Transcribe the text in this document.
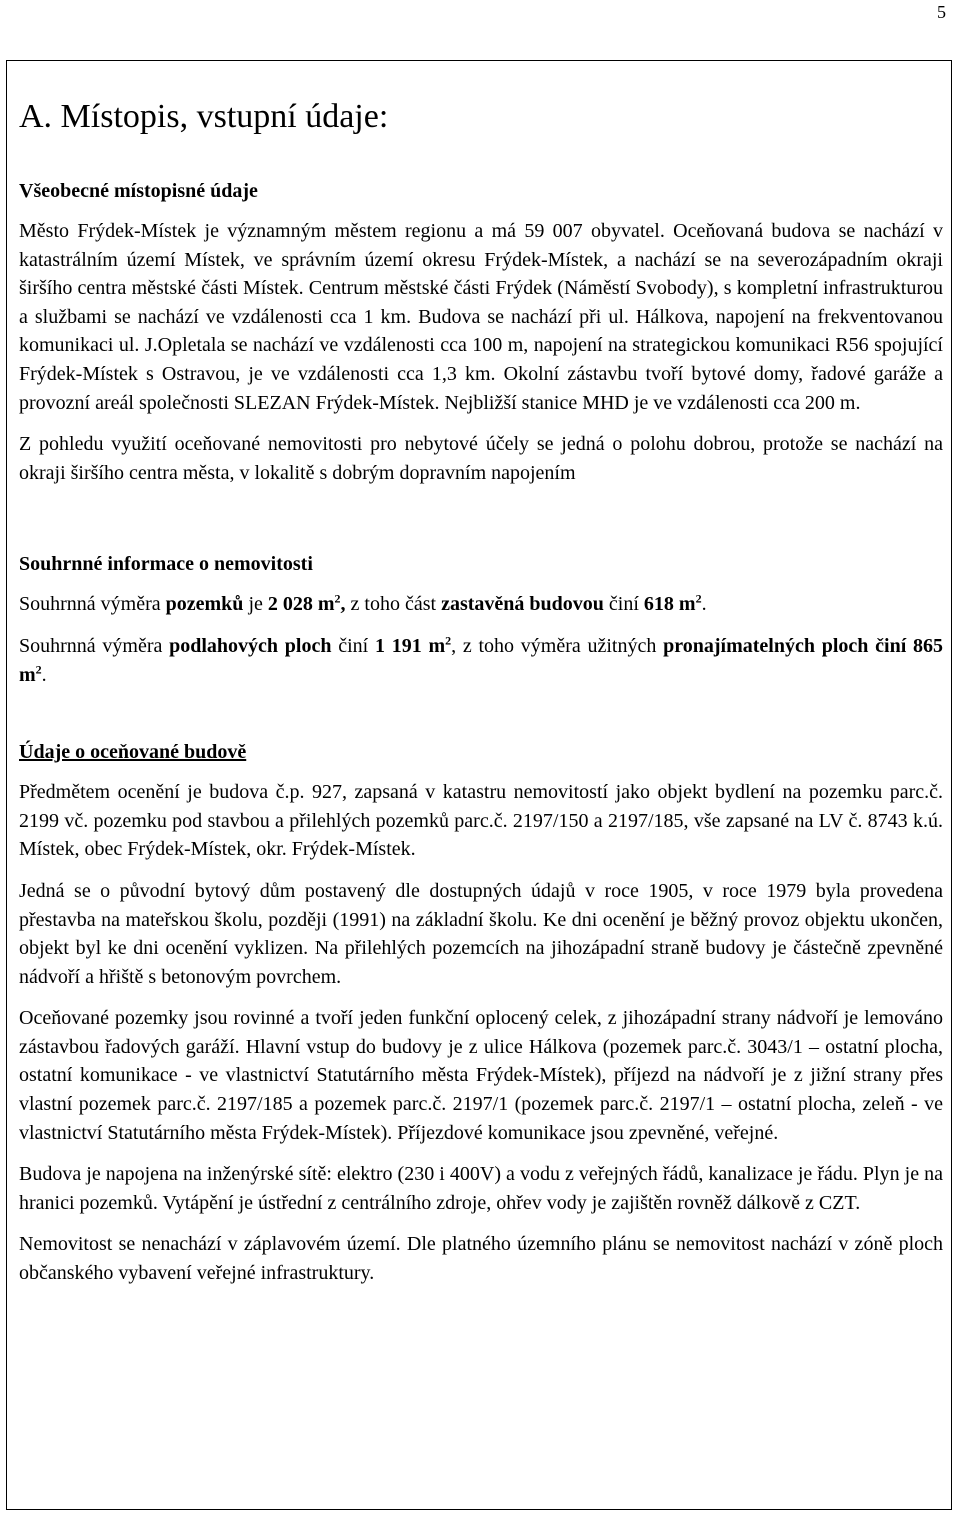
5
A. Místopis, vstupní údaje:
Všeobecné místopisné údaje

Město Frýdek-Místek je významným městem regionu a má 59 007 obyvatel. Oceňovaná budova se nachází v katastrálním území Místek, ve správním území okresu Frýdek-Místek, a nachází se na severozápadním okraji širšího centra městské části Místek. Centrum městské části Frýdek (Náměstí Svobody), s kompletní infrastrukturou a službami se nachází ve vzdálenosti cca 1 km. Budova se nachází při ul. Hálkova, napojení na frekventovanou komunikaci ul. J.Opletala se nachází ve vzdálenosti cca 100 m, napojení na strategickou komunikaci R56 spojující Frýdek-Místek s Ostravou, je ve vzdálenosti cca 1,3 km. Okolní zástavbu tvoří bytové domy, řadové garáže a provozní areál společnosti SLEZAN Frýdek-Místek. Nejbližší stanice MHD je ve vzdálenosti cca 200 m.

Z pohledu využití oceňované nemovitosti pro nebytové účely se jedná o polohu dobrou, protože se nachází na okraji širšího centra města, v lokalitě s dobrým dopravním napojením

Souhrnné informace o nemovitosti

Souhrnná výměra pozemků je 2 028 $m^2$, z toho část zastavěná budovou činí 618 $m^2$.

Souhrnná výměra podlahových ploch činí 1 191 $m^2$, z toho výměra užitných pronajímatelných ploch činí 865 $m^2$.

Údaje o oceňované budově

Předmětem ocenění je budova č.p. 927, zapsaná v katastru nemovitostí jako objekt bydlení na pozemku parc.č. 2199 vč. pozemku pod stavbou a přilehlých pozemků parc.č. 2197/150 a 2197/185, vše zapsané na LV č. 8743 k.ú. Místek, obec Frýdek-Místek, okr. Frýdek-Místek.

Jedná se o původní bytový dům postavený dle dostupných údajů v roce 1905, v roce 1979 byla provedena přestavba na mateřskou školu, později (1991) na základní školu. Ke dni ocenění je běžný provoz objektu ukončen, objekt byl ke dni ocenění vyklizen. Na přilehlých pozemcích na jihozápadní straně budovy je částečně zpevněné nádvoří a hřiště s betonovým povrchem.

Oceňované pozemky jsou rovinné a tvoří jeden funkční oplocený celek, z jihozápadní strany nádvoří je lemováno zástavbou řadových garáží. Hlavní vstup do budovy je z ulice Hálkova (pozemek parc.č. 3043/1 – ostatní plocha, ostatní komunikace - ve vlastnictví Statutárního města Frýdek-Místek), příjezd na nádvoří je z jižní strany přes vlastní pozemek parc.č. 2197/185 a pozemek parc.č. 2197/1 (pozemek parc.č. 2197/1 – ostatní plocha, zeleň - ve vlastnictví Statutárního města Frýdek-Místek). Příjezdové komunikace jsou zpevněné, veřejné.

Budova je napojena na inženýrské sítě: elektro (230 i 400V) a vodu z veřejných řádů, kanalizace je řádu. Plyn je na hranici pozemků. Vytápění je ústřední z centrálního zdroje, ohřev vody je zajištěn rovněž dálkově z CZT.

Nemovitost se nenachází v záplavovém území. Dle platného územního plánu se nemovitost nachází v zóně ploch občanského vybavení veřejné infrastruktury.
